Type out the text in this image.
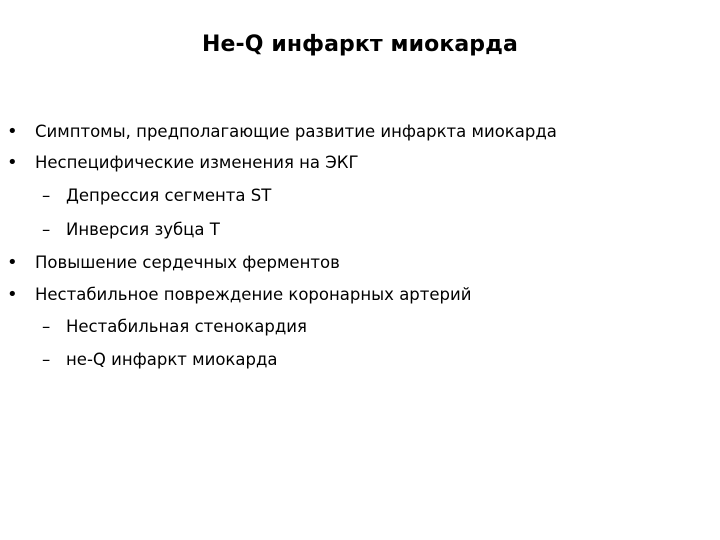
Не-Q инфаркт миокарда
• Симптомы, предполагающие развитие инфаркта миокарда
• Неспецифические изменения на ЭКГ
– Депрессия сегмента ST
– Инверсия зубца T
• Повышение сердечных ферментов
• Нестабильное повреждение коронарных артерий
– Нестабильная стенокардия
– не-Q инфаркт миокарда
